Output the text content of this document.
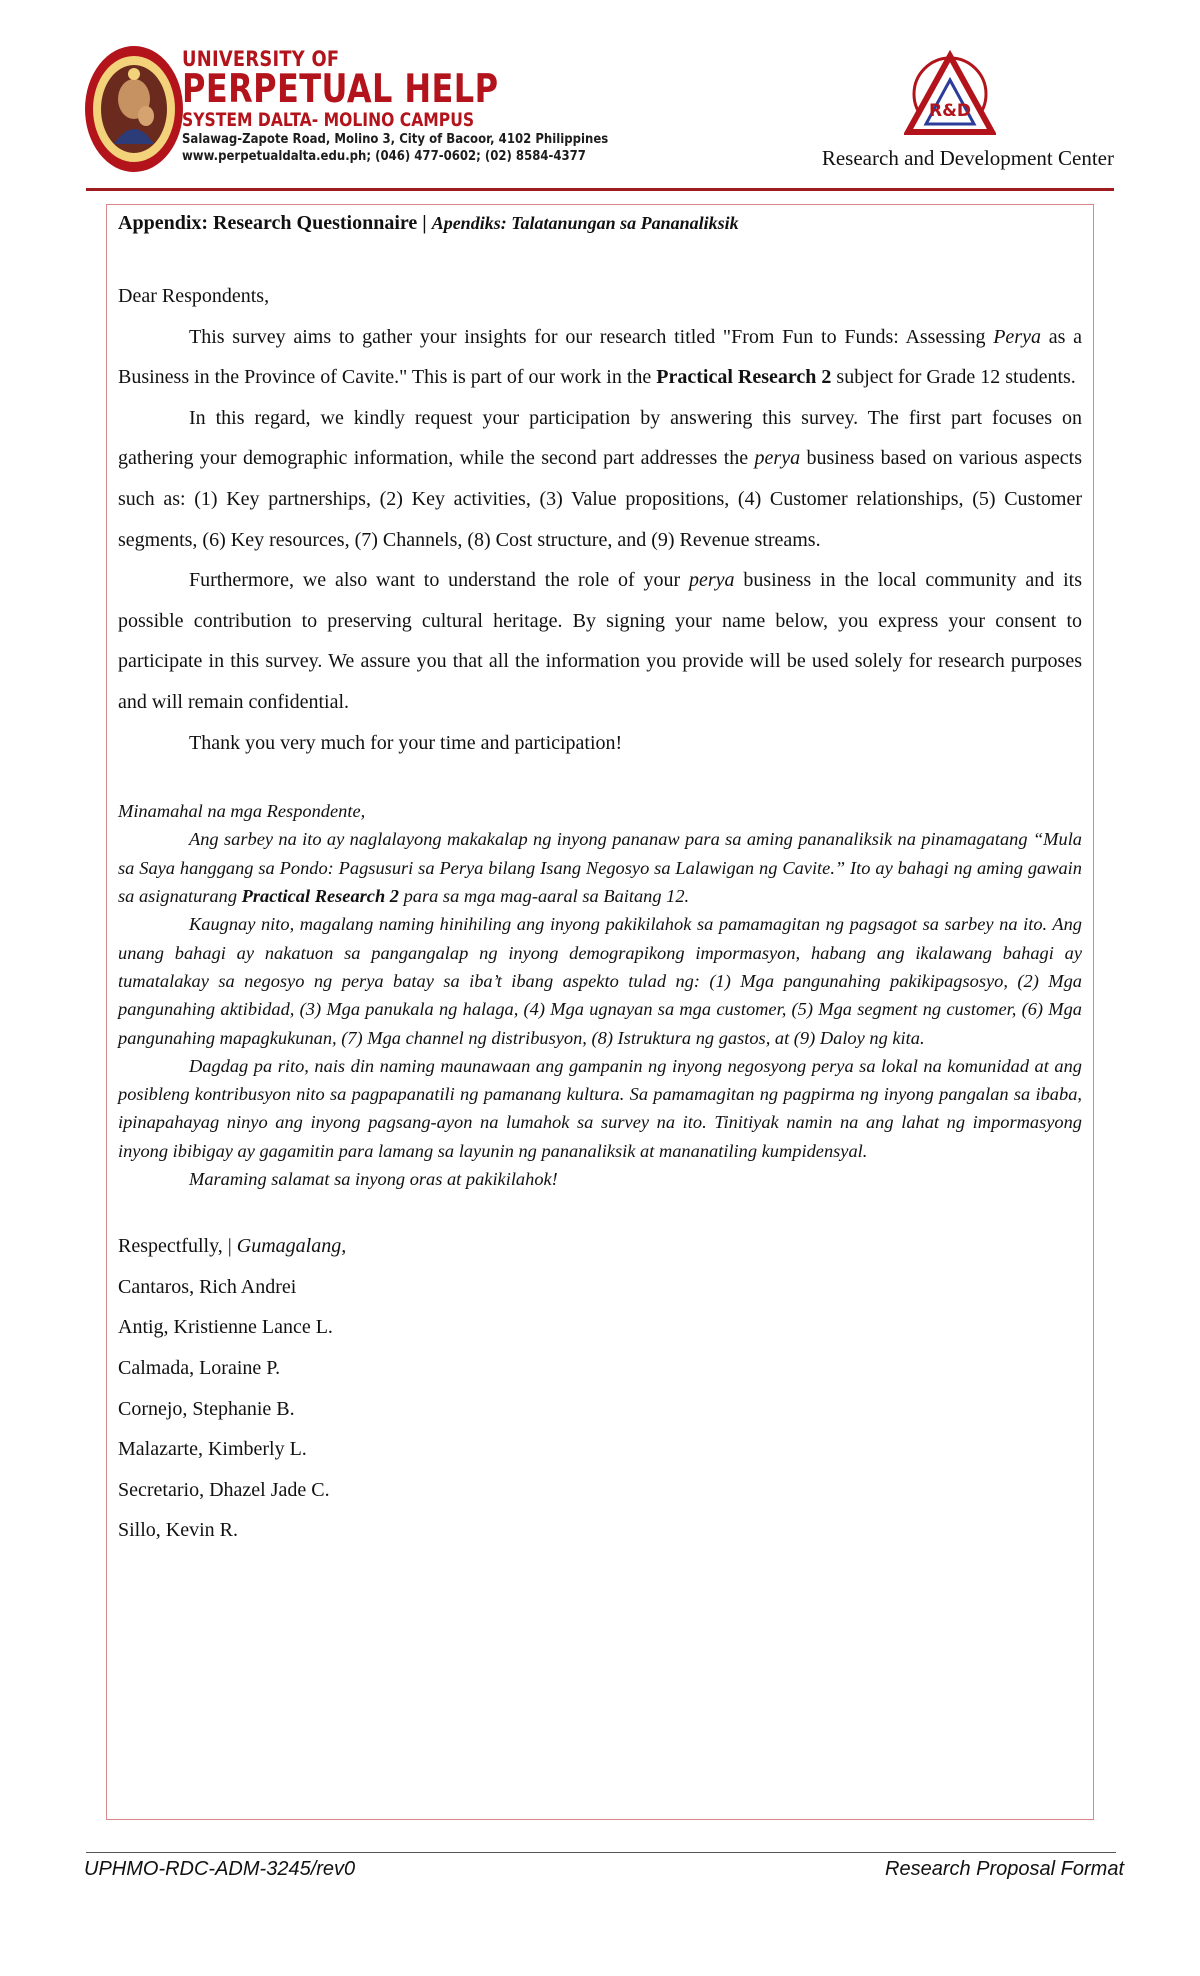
UNIVERSITY OF
PERPETUAL HELP
SYSTEM DALTA- MOLINO CAMPUS
Salawag-Zapote Road, Molino 3, City of Bacoor, 4102 Philippines
www.perpetualdalta.edu.ph; (046) 477-0602; (02) 8584-4377
R&D
Research and Development Center
Appendix: Research Questionnaire | Apendiks: Talatanungan sa Pananaliksik

Dear Respondents,

This survey aims to gather your insights for our research titled "From Fun to Funds: Assessing Perya as a Business in the Province of Cavite." This is part of our work in the Practical Research 2 subject for Grade 12 students.

In this regard, we kindly request your participation by answering this survey. The first part focuses on gathering your demographic information, while the second part addresses the perya business based on various aspects such as: (1) Key partnerships, (2) Key activities, (3) Value propositions, (4) Customer relationships, (5) Customer segments, (6) Key resources, (7) Channels, (8) Cost structure, and (9) Revenue streams.

Furthermore, we also want to understand the role of your perya business in the local community and its possible contribution to preserving cultural heritage. By signing your name below, you express your consent to participate in this survey. We assure you that all the information you provide will be used solely for research purposes and will remain confidential.

Thank you very much for your time and participation!

Minamahal na mga Respondente,

Ang sarbey na ito ay naglalayong makakalap ng inyong pananaw para sa aming pananaliksik na pinamagatang “Mula sa Saya hanggang sa Pondo: Pagsusuri sa Perya bilang Isang Negosyo sa Lalawigan ng Cavite.” Ito ay bahagi ng aming gawain sa asignaturang Practical Research 2 para sa mga mag-aaral sa Baitang 12.

Kaugnay nito, magalang naming hinihiling ang inyong pakikilahok sa pamamagitan ng pagsagot sa sarbey na ito. Ang unang bahagi ay nakatuon sa pangangalap ng inyong demograpikong impormasyon, habang ang ikalawang bahagi ay tumatalakay sa negosyo ng perya batay sa iba’t ibang aspekto tulad ng: (1) Mga pangunahing pakikipagsosyo, (2) Mga pangunahing aktibidad, (3) Mga panukala ng halaga, (4) Mga ugnayan sa mga customer, (5) Mga segment ng customer, (6) Mga pangunahing mapagkukunan, (7) Mga channel ng distribusyon, (8) Istruktura ng gastos, at (9) Daloy ng kita.

Dagdag pa rito, nais din naming maunawaan ang gampanin ng inyong negosyong perya sa lokal na komunidad at ang posibleng kontribusyon nito sa pagpapanatili ng pamanang kultura. Sa pamamagitan ng pagpirma ng inyong pangalan sa ibaba, ipinapahayag ninyo ang inyong pagsang-ayon na lumahok sa survey na ito. Tinitiyak namin na ang lahat ng impormasyong inyong ibibigay ay gagamitin para lamang sa layunin ng pananaliksik at mananatiling kumpidensyal.

Maraming salamat sa inyong oras at pakikilahok!

Respectfully, | Gumagalang,
Cantaros, Rich Andrei
Antig, Kristienne Lance L.
Calmada, Loraine P.
Cornejo, Stephanie B.
Malazarte, Kimberly L.
Secretario, Dhazel Jade C.
Sillo, Kevin R.
UPHMO-RDC-ADM-3245/rev0	Research Proposal Format
